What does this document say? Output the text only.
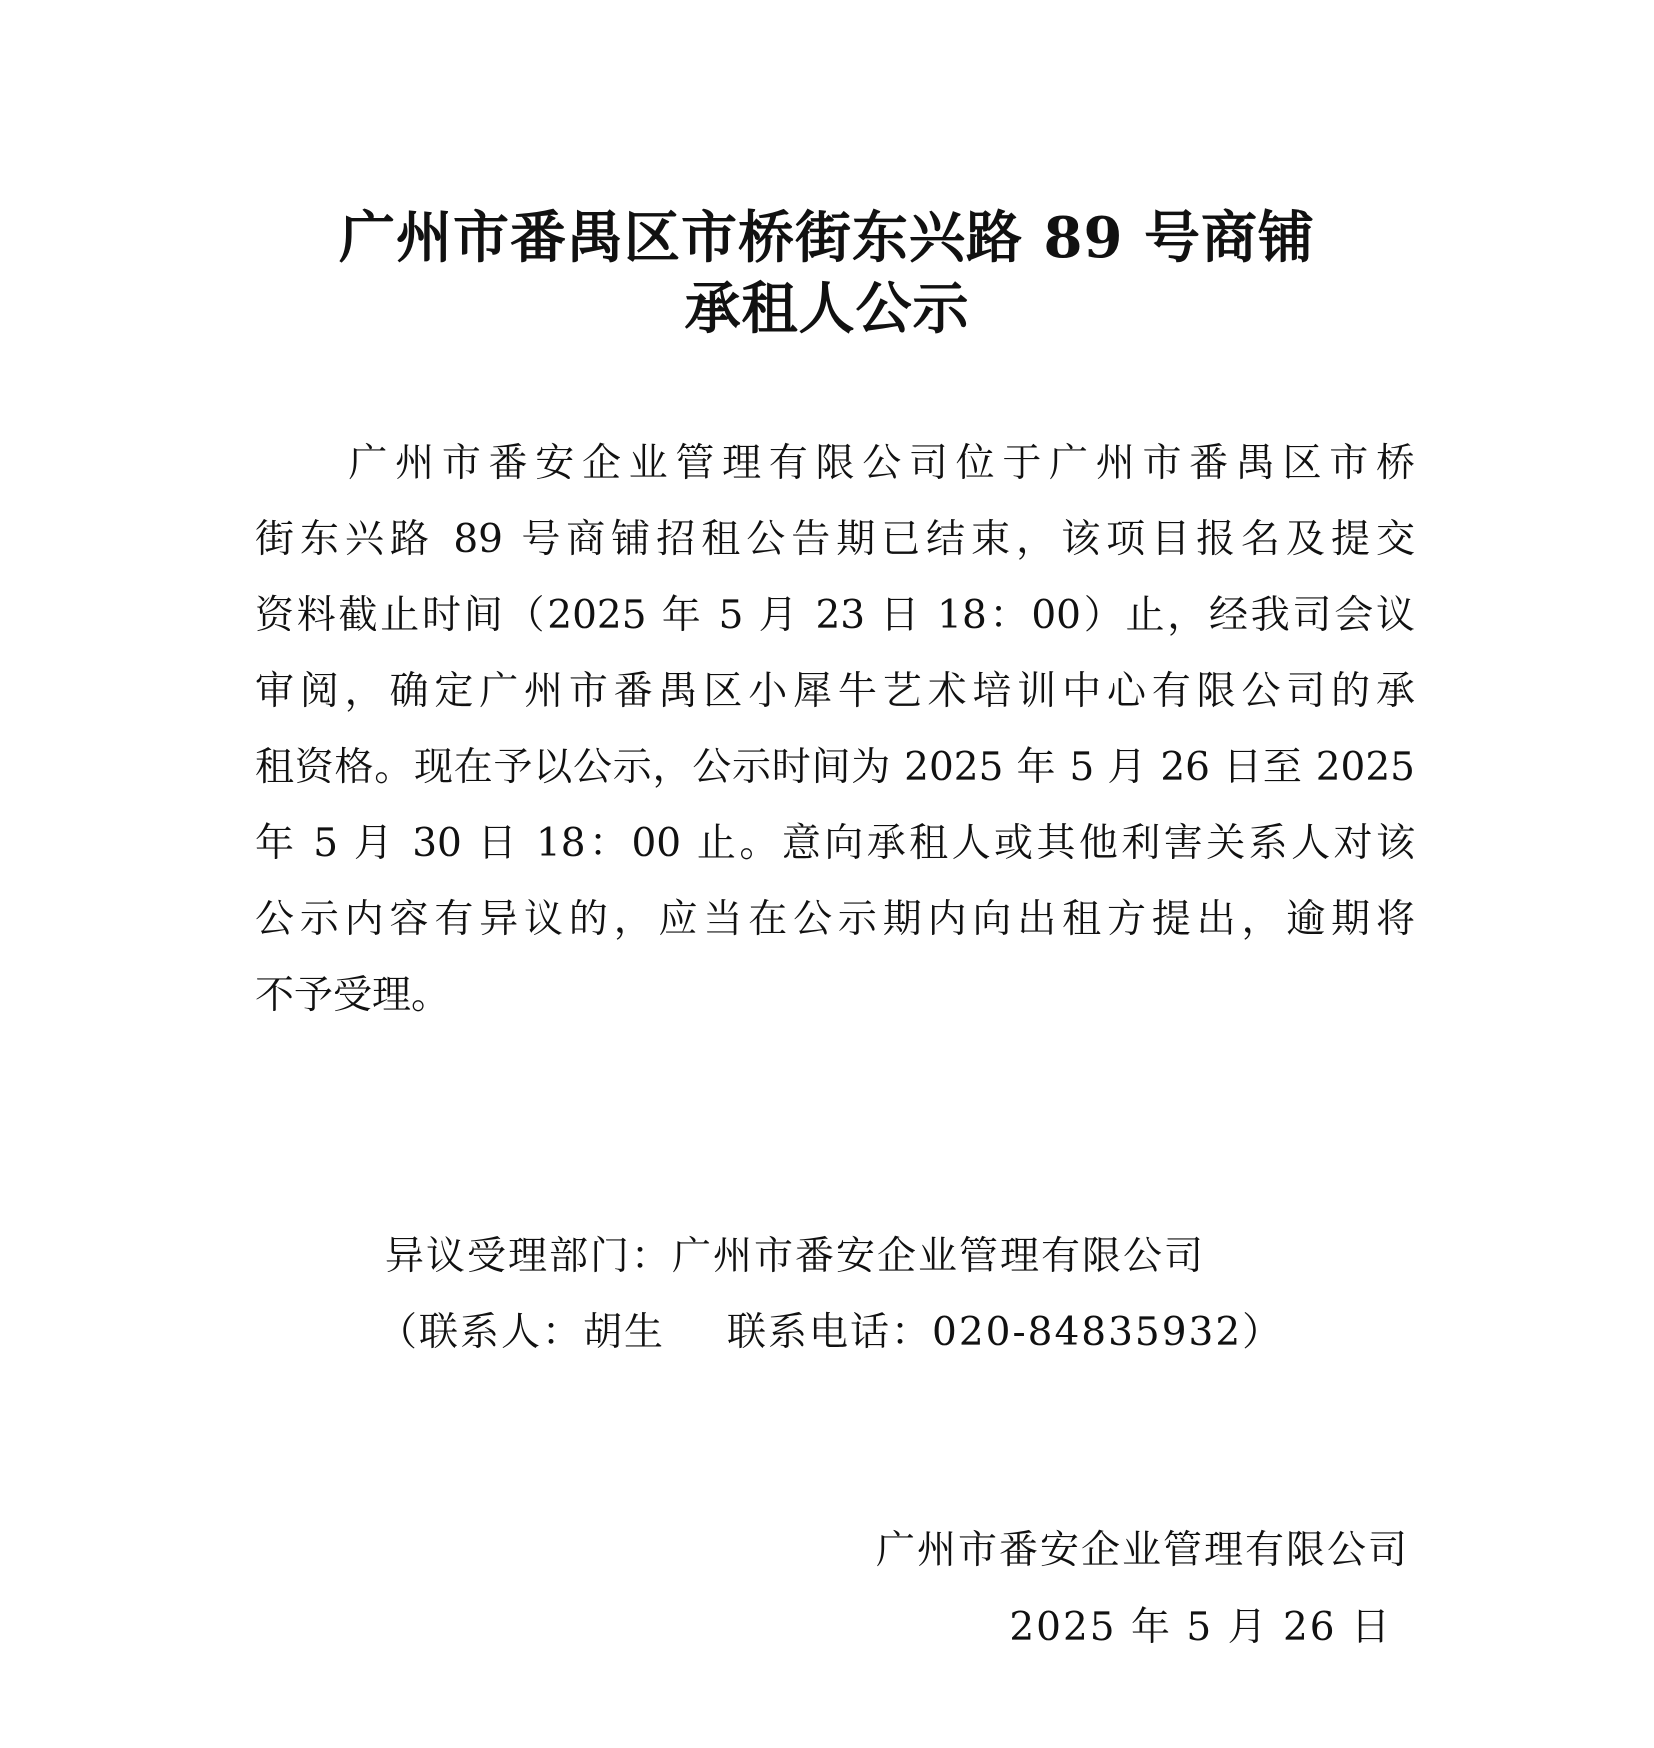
广州市番禺区市桥街东兴路 89 号商铺
承租人公示
　　广州市番安企业管理有限公司位于广州市番禺区市桥
街东兴路 89 号商铺招租公告期已结束，该项目报名及提交
资料截止时间（2025 年 5 月 23 日 18：00）止，经我司会议
审阅，确定广州市番禺区小犀牛艺术培训中心有限公司的承
租资格。现在予以公示，公示时间为 2025 年 5 月 26 日至 2025
年 5 月 30 日 18：00 止。意向承租人或其他利害关系人对该
公示内容有异议的，应当在公示期内向出租方提出，逾期将
不予受理。
异议受理部门：广州市番安企业管理有限公司
（联系人：胡生 联系电话：020-84835932）
广州市番安企业管理有限公司
2025 年 5 月 26 日
